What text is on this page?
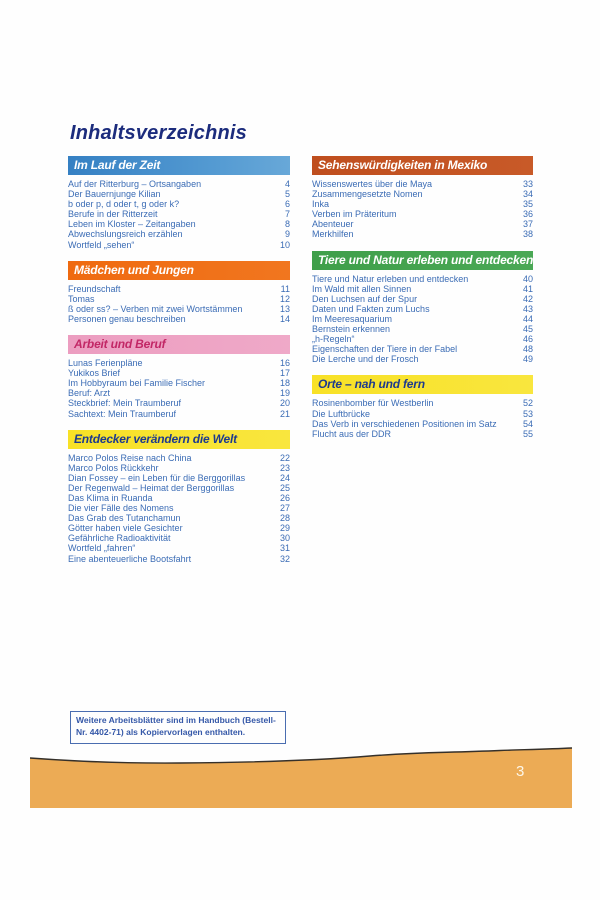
Inhaltsverzeichnis
Im Lauf der Zeit
Auf der Ritterburg – Ortsangaben	4
Der Bauernjunge Kilian	5
b oder p, d oder t, g oder k?	6
Berufe in der Ritterzeit	7
Leben im Kloster – Zeitangaben	8
Abwechslungsreich erzählen	9
Wortfeld „sehen“	10
Mädchen und Jungen
Freundschaft	11
Tomas	12
ß oder ss? – Verben mit zwei Wortstämmen	13
Personen genau beschreiben	14
Arbeit und Beruf
Lunas Ferienpläne	16
Yukikos Brief	17
Im Hobbyraum bei Familie Fischer	18
Beruf: Arzt	19
Steckbrief: Mein Traumberuf	20
Sachtext: Mein Traumberuf	21
Entdecker verändern die Welt
Marco Polos Reise nach China	22
Marco Polos Rückkehr	23
Dian Fossey – ein Leben für die Berggorillas	24
Der Regenwald – Heimat der Berggorillas	25
Das Klima in Ruanda	26
Die vier Fälle des Nomens	27
Das Grab des Tutanchamun	28
Götter haben viele Gesichter	29
Gefährliche Radioaktivität	30
Wortfeld „fahren“	31
Eine abenteuerliche Bootsfahrt	32
Sehenswürdigkeiten in Mexiko
Wissenswertes über die Maya	33
Zusammengesetzte Nomen	34
Inka	35
Verben im Präteritum	36
Abenteuer	37
Merkhilfen	38
Tiere und Natur erleben und entdecken
Tiere und Natur erleben und entdecken	40
Im Wald mit allen Sinnen	41
Den Luchsen auf der Spur	42
Daten und Fakten zum Luchs	43
Im Meeresaquarium	44
Bernstein erkennen	45
„h-Regeln“	46
Eigenschaften der Tiere in der Fabel	48
Die Lerche und der Frosch	49
Orte – nah und fern
Rosinenbomber für Westberlin	52
Die Luftbrücke	53
Das Verb in verschiedenen Positionen im Satz	54
Flucht aus der DDR	55
Weitere Arbeitsblätter sind im Handbuch (Bestell-Nr. 4402-71) als Kopiervorlagen enthalten.
3
